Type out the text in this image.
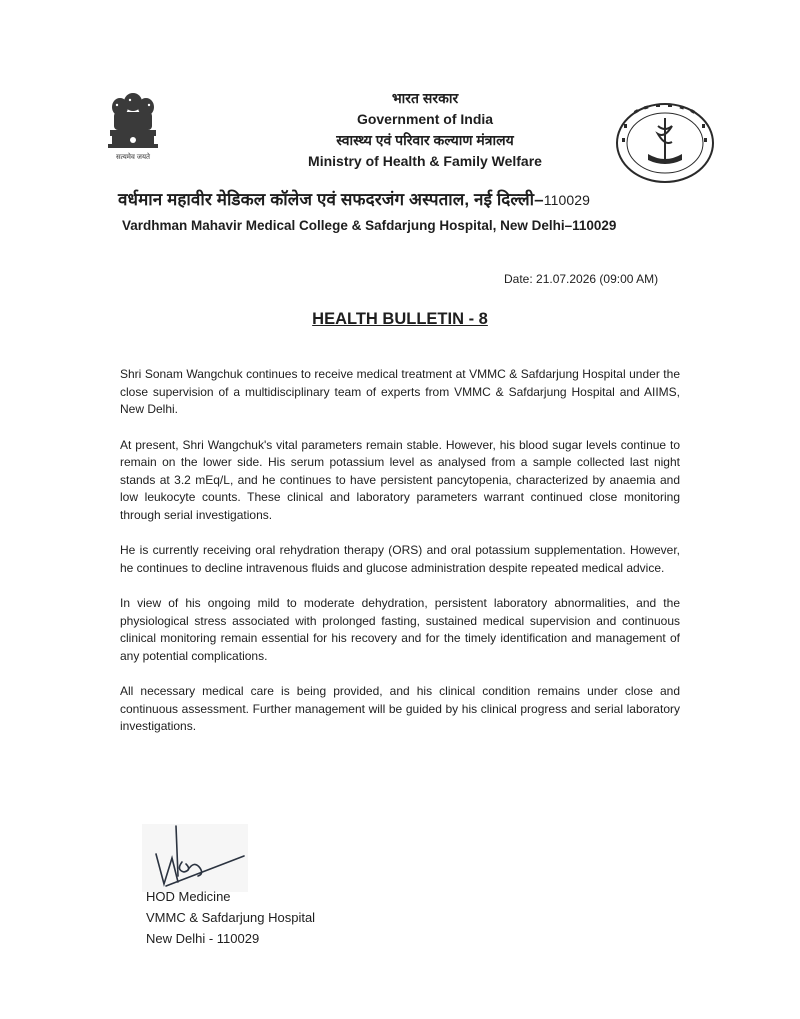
सत्यमेव जयते
भारत सरकार
Government of India
स्वास्थ्य एवं परिवार कल्याण मंत्रालय
Ministry of Health & Family Welfare
वर्धमान महावीर मेडिकल कॉलेज एवं सफदरजंग अस्पताल, नई दिल्ली–110029
Vardhman Mahavir Medical College & Safdarjung Hospital, New Delhi–110029
Date: 21.07.2026 (09:00 AM)
HEALTH BULLETIN - 8

Shri Sonam Wangchuk continues to receive medical treatment at VMMC & Safdarjung Hospital under the close supervision of a multidisciplinary team of experts from VMMC & Safdarjung Hospital and AIIMS, New Delhi.

At present, Shri Wangchuk's vital parameters remain stable. However, his blood sugar levels continue to remain on the lower side. His serum potassium level as analysed from a sample collected last night stands at 3.2 mEq/L, and he continues to have persistent pancytopenia, characterized by anaemia and low leukocyte counts. These clinical and laboratory parameters warrant continued close monitoring through serial investigations.

He is currently receiving oral rehydration therapy (ORS) and oral potassium supplementation. However, he continues to decline intravenous fluids and glucose administration despite repeated medical advice.

In view of his ongoing mild to moderate dehydration, persistent laboratory abnormalities, and the physiological stress associated with prolonged fasting, sustained medical supervision and continuous clinical monitoring remain essential for his recovery and for the timely identification and management of any potential complications.

All necessary medical care is being provided, and his clinical condition remains under close and continuous assessment. Further management will be guided by his clinical progress and serial laboratory investigations.

HOD Medicine
VMMC & Safdarjung Hospital
New Delhi - 110029
